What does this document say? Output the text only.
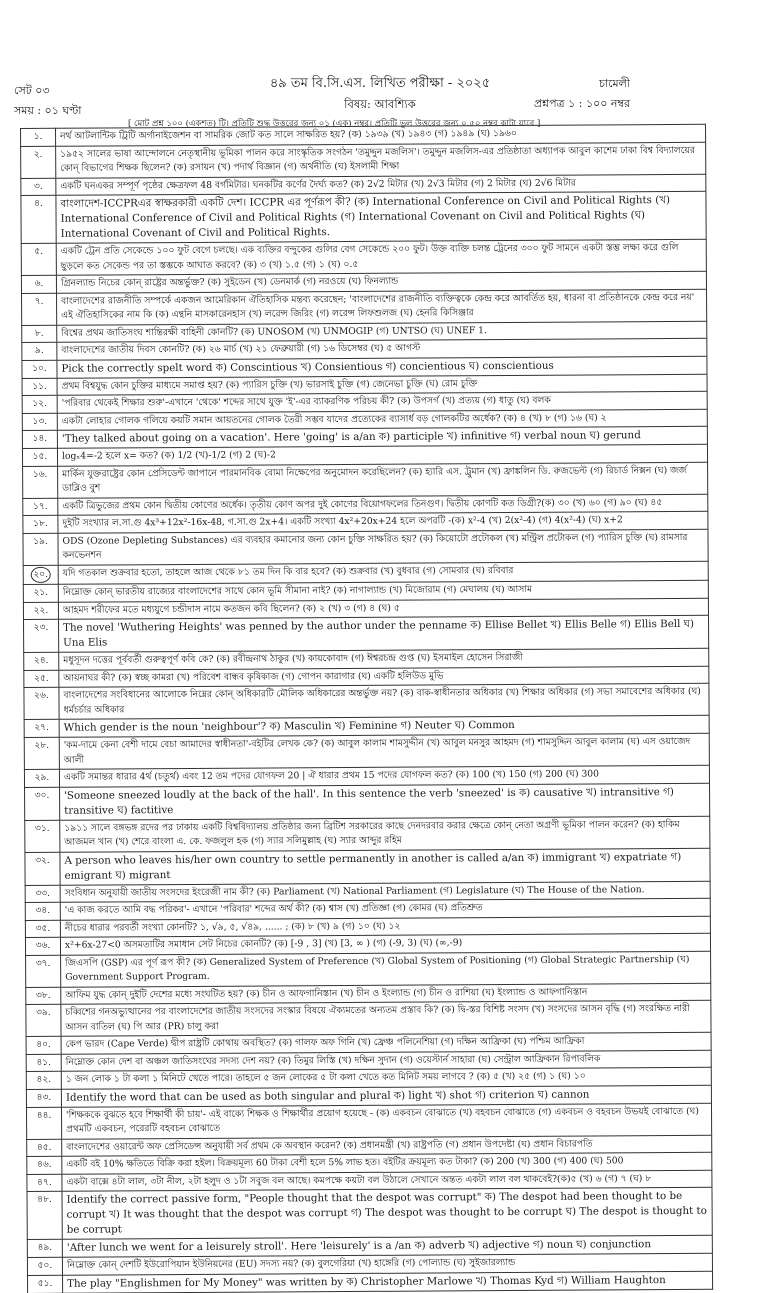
সেট ০৩
সময় : ০১ ঘণ্টা
৪৯ তম বি.সি.এস. লিখিত পরীক্ষা - ২০২৫
বিষয়: আবশ্যিক
চামেলী
প্রশ্নপত্র ১ : ১০০ নম্বর
[ মোট প্রশ্ন ১০০ (একশত) টি। প্রতিটি শুদ্ধ উত্তরের জন্য ০১ (এক) নম্বর। প্রতিটি ভুল উত্তরের জন্য ০.৫০ নম্বর কাটা যাবে ]
১.	নর্থ আটলান্টিক ট্রিটি অর্গানাইজেশন বা সামরিক জোট কত সালে সাক্ষরিত হয়? (ক) ১৯৩৯ (খ) ১৯৪৩ (গ) ১৯৪৯ (ঘ) ১৯৬০
২.	১৯৫২ সালের ভাষা আন্দোলনে নেতৃস্থানীয় ভূমিকা পালন করে সাংস্কৃতিক সংগঠন 'তমুদ্দুন মজলিস'। তমুদ্দুন মজলিস-এর প্রতিষ্ঠাতা অধ্যাপক আবুল কাশেম ঢাকা বিশ্ব বিদ্যালয়ের কোন্ বিভাগের শিক্ষক ছিলেন? (ক) রসায়ন (খ) পদার্থ বিজ্ঞান (গ) অর্থনীতি (ঘ) ইসলামী শিক্ষা
৩.	একটি ঘনএকর সম্পূর্ণ পৃষ্ঠের ক্ষেত্রফল 48 বর্গমিটার। ঘনকটির কর্ণের দৈর্ঘ্য কত? (ক) 2√2 মিটার (খ) 2√3 মিটার (গ) 2 মিটার (ঘ) 2√6 মিটার
৪.	বাংলাদেশ-ICCPRএর স্বাক্ষরকারী একটি দেশ। ICCPR এর পূর্ণরূপ কী? (ক) International Conference on Civil and Political Rights (খ) International Conference of Civil and Political Rights (গ) International Covenant on Civil and Political Rights (ঘ) International Covenant of Civil and Political Rights.
৫.	একটি ট্রেন প্রতি সেকেন্ডে ১০০ ফুট বেগে চলছে। এক ব্যক্তির বন্দুকের গুলির বেগ সেকেন্ডে ২০০ ফুট। উক্ত ব্যক্তি চলন্ত ট্রেনের ৩০০ ফুট সামনে একটা স্তম্ভ লক্ষ্য করে গুলি ছুড়লে কত সেকেন্ড পর তা স্তম্ভকে আঘাত করবে? (ক) ৩ (খ) ১.৫ (গ) ১ (ঘ) ০.৫
৬.	গ্রিনল্যান্ড নিচের কোন্ রাষ্ট্রের অন্তর্ভুক্ত? (ক) সুইডেন (খ) ডেনমার্ক (গ) নরওয়ে (ঘ) ফিনল্যান্ড
৭.	বাংলাদেশের রাজনীতি সম্পর্কে একজন আমেরিকান ঐতিহাসিক মন্তব্য করেছেন; 'বাংলাদেশের রাজনীতি ব্যক্তিত্বকে কেন্দ্র করে আবর্তিত হয়, ধারনা বা প্রতিষ্ঠানকে কেন্দ্র করে নয়' এই ঐতিহাসিকের নাম কি (ক) এন্থনি মাসকারেনহাস (খ) লরেন্স জিরিং (গ) লরেন্স লিফশুলজ (ঘ) হেনরি কিসিঞ্জার
৮.	বিশ্বের প্রথম জাতিসংঘ শান্তিরক্ষী বাহিনী কোনটি? (ক) UNOSOM (খ) UNMOGIP (গ) UNTSO (ঘ) UNEF 1.
৯.	বাংলাদেশের জাতীয় দিবস কোনটি? (ক) ২৬ মার্চ (খ) ২১ ফেব্রুয়ারী (গ) ১৬ ডিসেম্বর (ঘ) ৫ আগস্ট
১০.	Pick the correctly spelt word ক) Conscintious খ) Consientious গ) concientious ঘ) conscientious
১১.	প্রথম বিশ্বযুদ্ধ কোন চুক্তির মাধ্যমে সমাপ্ত হয়? (ক) প্যারিস চুক্তি (খ) ভারসাই চুক্তি (গ) জেনেভা চুক্তি (ঘ) রোম চুক্তি
১২.	'পরিবার থেকেই শিক্ষার শুরু'-এখানে 'থেকে' শব্দের সাথে যুক্ত 'ই'-এর ব্যাকরণিক পরিচয় কী? (ক) উপসর্গ (খ) প্রত্যয় (গ) ধাতু (ঘ) বলক
১৩.	একটা লোহার গোলক গলিয়ে কয়টি সমান আয়তনের গোলক তৈরী সম্ভব যাদের প্রত্যেকের ব্যাসার্ধ বড় গোলকটির অর্ধেক? (ক) ৪ (খ) ৮ (গ) ১৬ (ঘ) ২
১৪.	'They talked about going on a vacation'. Here 'going' is a/an ক) participle খ) infinitive গ) verbal noun ঘ) gerund
১৫.	logₓ4=-2 হলে x= কত? (ক) 1/2 (খ)-1/2 (গ) 2 (ঘ)-2
১৬.	মার্কিন যুক্তরাষ্ট্রের কোন প্রেসিডেন্ট জাপানে পারমানবিক বোমা নিক্ষেপের অনুমোদন করেছিলেন? (ক) হ্যারি এস. ট্রুমান (খ) ফ্রাঙ্কলিন ডি. রুজভেল্ট (গ) রিচার্ড নিক্সন (ঘ) জর্জ ডাব্লিও বুশ
১৭.	একটি ত্রিভুজের প্রথম কোন দ্বিতীয় কোণের অর্ধেক। তৃতীয় কোণ অপর দুই কোণের বিয়োগফলের তিনগুণ। দ্বিতীয় কোণটি কত ডিগ্রী?(ক) ৩০ (খ) ৬০ (গ) ৯০ (ঘ) ৪৫
১৮.	দুইটি সংখ্যার ল.সা.গু 4x³+12x²-16x-48, গ.সা.গু 2x+4। একটি সংখ্যা 4x²+20x+24 হলে অপরটি -(ক) x²-4 (খ) 2(x²-4) (গ) 4(x²-4) (ঘ) x+2
১৯.	ODS (Ozone Depleting Substances) এর ব্যবহার কমানোর জন্য কোন চুক্তি সাক্ষরিত হয়? (ক) কিয়োটো প্রটোকল (খ) মন্ট্রিল প্রটোকল (গ) প্যারিস চুক্তি (ঘ) রামসার কনভেনশন
২০.	যদি গতকাল শুক্রবার হতো, তাহলে আজ থেকে ৮১ তম দিন কি বার হবে? (ক) শুক্রবার (খ) বুধবার (গ) সোমবার (ঘ) রবিবার
২১.	নিম্নোক্ত কোন্ ভারতীয় রাজ্যের বাংলাদেশের সাথে কোন ভূমি সীমানা নাই? (ক) নাগাল্যান্ড (খ) মিজোরাম (গ) মেঘালয় (ঘ) আসাম
২২.	আহমদ শরীফের মতে মধ্যযুগে চন্ডীদাস নামে কতজন কবি ছিলেন? (ক) ২ (খ) ৩ (গ) ৪ (ঘ) ৫
২৩.	The novel 'Wuthering Heights' was penned by the author under the penname ক) Ellise Bellet খ) Ellis Belle গ) Ellis Bell ঘ) Una Elis
২৪.	মধুসূদন দত্তের পূর্ববর্তী গুরুত্বপূর্ণ কবি কে? (ক) রবীন্দ্রনাথ ঠাকুর (খ) কায়কোবাদ (গ) ঈশ্বরচন্দ্র গুপ্ত (ঘ) ইসমাইল হোসেন সিরাজী
২৫.	আয়নাঘর কী? (ক) স্বচ্ছ কামরা (খ) পরিবেশ বান্ধব কৃষিকাজ (গ) গোপন কারাগার (ঘ) একটি হলিউড মুভি
২৬.	বাংলাদেশের সংবিধানের আলোকে নিম্নের কোন্ অধিকারটি মৌলিক অধিকারের অন্তর্ভুক্ত নয়? (ক) বাক-স্বাধীনতার অধিকার (খ) শিক্ষার অধিকার (গ) সভা সমাবেশের অধিকার (ঘ) ধর্মচর্চার অধিকার
২৭.	Which gender is the noun 'neighbour'? ক) Masculin খ) Feminine গ) Neuter ঘ) Common
২৮.	'কম-দামে কেনা বেশী দামে বেচা আমাদের স্বাধীনতা'-বইটির লেখক কে? (ক) আবুল কালাম শামসুদ্দীন (খ) আবুল মনসুর আহমদ (গ) শামসুদ্দিন আবুল কালাম (ঘ) এস ওয়াজেদ আলী
২৯.	একটি সমান্তর ধারার 4র্থ (চতুর্থ) এবং 12 তম পদের যোগফল 20 | ঐ ধারার প্রথম 15 পদের যোগফল কত? (ক) 100 (খ) 150 (গ) 200 (ঘ) 300
৩০.	'Someone sneezed loudly at the back of the hall'. In this sentence the verb 'sneezed' is ক) causative খ) intransitive গ) transitive ঘ) factitive
৩১.	১৯১১ সালে বঙ্গভঙ্গ রদের পর ঢাকায় একটি বিশ্ববিদ্যালয় প্রতিষ্ঠার জন্য ব্রিটিশ সরকারের কাছে দেনদরবার করার ক্ষেত্রে কোন্ নেতা অগ্রণী ভূমিকা পালন করেন? (ক) হাকিম আজমল খান (খ) শেরে বাংলা এ. কে. ফজলুল হক (গ) স্যার সলিমুল্লাহ (ঘ) স্যার আব্দুর রহিম
৩২.	A person who leaves his/her own country to settle permanently in another is called a/an ক) immigrant খ) expatriate গ) emigrant ঘ) migrant
৩৩.	সংবিধান অনুযায়ী জাতীয় সংসদের ইংরেজী নাম কী? (ক) Parliament (খ) National Parliament (গ) Legislature (ঘ) The House of the Nation.
৩৪.	'এ কাজ করতে আমি বদ্ধ পরিকর'- এখানে 'পরিবার' শব্দের অর্থ কী? (ক) শ্বাস (খ) প্রতিজ্ঞা (গ) কোমর (ঘ) প্রতিশ্রুত
৩৫.	নীচের ধারার পরবর্তী সংখ্যা কোনটি? ১, √৯, ৫, √৪৯, ...... ; (ক) ৮ (খ) ৯ (গ) ১০ (ঘ) ১২
৩৬.	x²+6x-27<0 অসমতাটির সমাধান সেট নিচের কোনটি? (ক) [-9 , 3] (খ) [3, ∞ ) (গ) (-9, 3) (ঘ) (∞,-9)
৩৭.	জিএসপি (GSP) এর পূর্ণ রূপ কী? (ক) Generalized System of Preference (খ) Global System of Positioning (গ) Global Strategic Partnership (ঘ) Government Support Program.
৩৮.	আফিম যুদ্ধ কোন্ দুইটি দেশের মধ্যে সংঘটিত হয়? (ক) চীন ও আফগানিস্তান (খ) চীন ও ইংল্যান্ড (গ) চীন ও রাশিয়া (ঘ) ইংল্যান্ড ও আফগানিস্তান
৩৯.	চব্বিশের গনঅভ্যুত্থানের পর বাংলাদেশের জাতীয় সংসদের সংস্কার বিষয়ে ঐক্যমতের অন্যতম প্রস্তাব কি? (ক) দ্বি-স্তর বিশিষ্ট সংসদ (খ) সংসদের আসন বৃদ্ধি (গ) সংরক্ষিত নারী আসন বাতিল (ঘ) পি আর (PR) চালু করা
৪০.	কেপ ভারদ (Cape Verde) দ্বীপ রাষ্ট্রটি কোথায় অবস্থিত? (ক) গালফ অফ গিনি (খ) ফ্রেঞ্চ পলিনেশিয়া (গ) দক্ষিন আফ্রিকা (ঘ) পশ্চিম আফ্রিকা
৪১.	নিম্নোক্ত কোন দেশ বা অঞ্চল জাতিসংঘের সদস্য দেশ নয়? (ক) তিমুর লিস্তি (খ) দক্ষিন সুদান (গ) ওয়েস্টার্ন সাহারা (ঘ) সেন্ট্রাল আফ্রিকান রিপাবলিক
৪২.	১ জন লোক ১ টা কলা ১ মিনিটে খেতে পারে। তাহলে ৫ জন লোকের ৫ টা কলা খেতে কত মিনিট সময় লাগবে ? (ক) ৫ (খ) ২৫ (গ) ১ (ঘ) ১০
৪৩.	Identify the word that can be used as both singular and plural ক) light খ) shot গ) criterion ঘ) cannon
৪৪.	'শিক্ষককে বুঝতে হবে শিক্ষার্থী কী চায়'- এই বাক্যে শিক্ষক ও শিক্ষার্থীর প্রয়োগ হয়েছে - (ক) একবচন বোঝাতে (খ) বহবচন বোঝাতে (গ) একবচন ও বহবচন উভয়ই বোঝাতে (ঘ) প্রথমটি একবচন, পরেরটি বহবচন বোঝাতে
৪৫.	বাংলাদেশের ওয়ারেন্ট অফ প্রেসিডেন্স অনুযায়ী সর্ব প্রথম কে অবস্থান করেন? (ক) প্রধানমন্ত্রী (খ) রাষ্ট্রপতি (গ) প্রধান উপদেষ্টা (ঘ) প্রধান বিচারপতি
৪৬.	একটি বই 10% ক্ষতিতে বিক্রি করা হইল। বিক্রয়মূল্য 60 টাকা বেশী হলে 5% লাভ হত। বইটির ক্রয়মূল্য কত টাকা? (ক) 200 (খ) 300 (গ) 400 (ঘ) 500
৪৭.	একটা বাক্সে ৪টা লাল, ৩টা নীল, ২টা হলুদ ও ১টা সবুজ বল আছে। কমপক্ষে কয়টা বল উঠালে সেখানে অন্তত একটা লাল বল থাকবেই?(ক)৫ (খ) ৬ (গ) ৭ (ঘ) ৮
৪৮.	Identify the correct passive form, "People thought that the despot was corrupt" ক) The despot had been thought to be corrupt খ) It was thought that the despot was corrupt গ) The despot was thought to be corrupt ঘ) The despot is thought to be corrupt
৪৯.	'After lunch we went for a leisurely stroll'. Here 'leisurely' is a /an ক) adverb খ) adjective গ) noun ঘ) conjunction
৫০.	নিম্নোক্ত কোন্ দেশটি ইউরোপিয়ান ইউনিয়নের (EU) সদস্য নয়? (ক) বুলগেরিয়া (খ) হাঙ্গেরি (গ) পোল্যান্ড (ঘ) সুইজারল্যান্ড
৫১.	The play "Englishmen for My Money" was written by ক) Christopher Marlowe খ) Thomas Kyd গ) William Haughton
